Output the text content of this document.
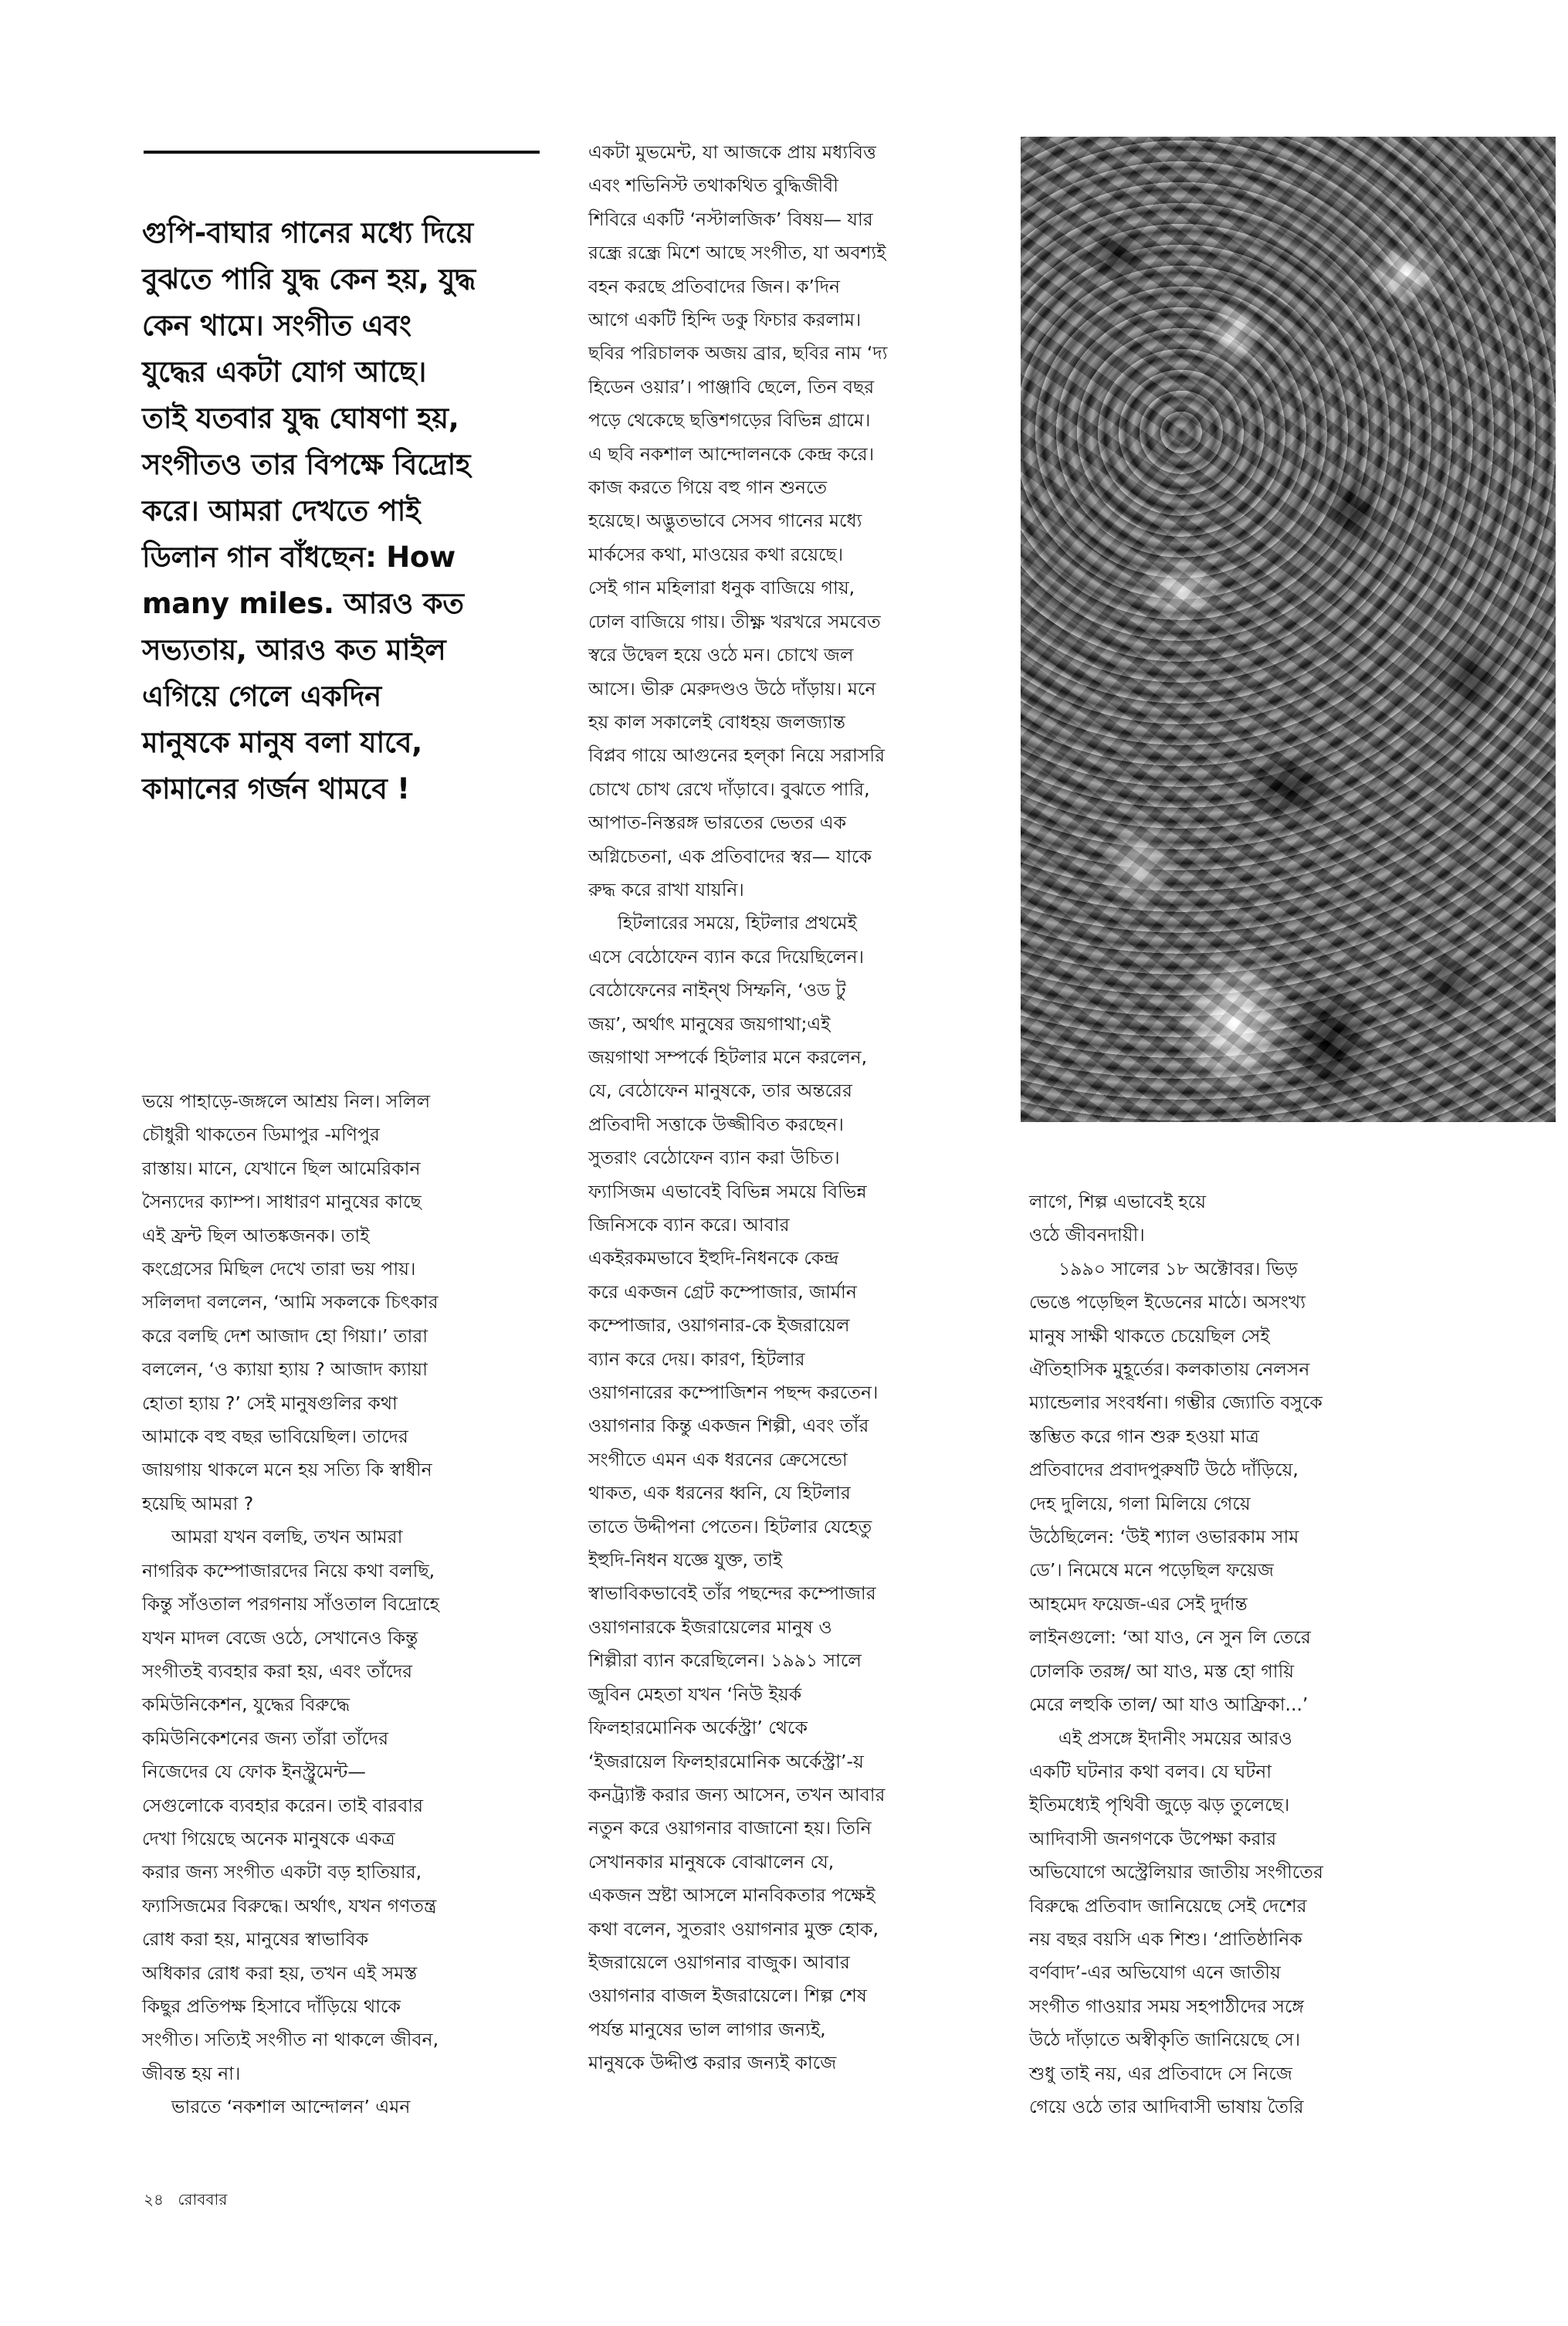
গুপি-বাঘার গানের মধ্যে দিয়ে
বুঝতে পারি যুদ্ধ কেন হয়, যুদ্ধ
কেন থামে। সংগীত এবং
যুদ্ধের একটা যোগ আছে।
তাই যতবার যুদ্ধ ঘোষণা হয়,
সংগীতও তার বিপক্ষে বিদ্রোহ
করে। আমরা দেখতে পাই
ডিলান গান বাঁধছেন: How
many miles. আরও কত
সভ্যতায়, আরও কত মাইল
এগিয়ে গেলে একদিন
মানুষকে মানুষ বলা যাবে,
কামানের গর্জন থামবে !
ভয়ে পাহাড়ে-জঙ্গলে আশ্রয় নিল। সলিল
চৌধুরী থাকতেন ডিমাপুর -মণিপুর
রাস্তায়। মানে, যেখানে ছিল আমেরিকান
সৈন্যদের ক্যাম্প। সাধারণ মানুষের কাছে
এই ফ্রন্ট ছিল আতঙ্কজনক। তাই
কংগ্রেসের মিছিল দেখে তারা ভয় পায়।
সলিলদা বললেন, ‘আমি সকলকে চিৎকার
করে বলছি দেশ আজাদ হো গিয়া।’ তারা
বললেন, ‘ও ক্যায়া হ্যায় ? আজাদ ক্যায়া
হোতা হ্যায় ?’ সেই মানুষগুলির কথা
আমাকে বহু বছর ভাবিয়েছিল। তাদের
জায়গায় থাকলে মনে হয় সত্যি কি স্বাধীন
হয়েছি আমরা ?
আমরা যখন বলছি, তখন আমরা
নাগরিক কম্পোজারদের নিয়ে কথা বলছি,
কিন্তু সাঁওতাল পরগনায় সাঁওতাল বিদ্রোহে
যখন মাদল বেজে ওঠে, সেখানেও কিন্তু
সংগীতই ব্যবহার করা হয়, এবং তাঁদের
কমিউনিকেশন, যুদ্ধের বিরুদ্ধে
কমিউনিকেশনের জন্য তাঁরা তাঁদের
নিজেদের যে ফোক ইনস্ট্রুমেন্ট—
সেগুলোকে ব্যবহার করেন। তাই বারবার
দেখা গিয়েছে অনেক মানুষকে একত্র
করার জন্য সংগীত একটা বড় হাতিয়ার,
ফ্যাসিজমের বিরুদ্ধে। অর্থাৎ, যখন গণতন্ত্র
রোধ করা হয়, মানুষের স্বাভাবিক
অধিকার রোধ করা হয়, তখন এই সমস্ত
কিছুর প্রতিপক্ষ হিসাবে দাঁড়িয়ে থাকে
সংগীত। সত্যিই সংগীত না থাকলে জীবন,
জীবন্ত হয় না।
ভারতে ‘নকশাল আন্দোলন’ এমন
একটা মুভমেন্ট, যা আজকে প্রায় মধ্যবিত্ত
এবং শভিনিস্ট তথাকথিত বুদ্ধিজীবী
শিবিরে একটি ‘নস্টালজিক’ বিষয়— যার
রন্ধ্রে রন্ধ্রে মিশে আছে সংগীত, যা অবশ্যই
বহন করছে প্রতিবাদের জিন। ক’দিন
আগে একটি হিন্দি ডকু ফিচার করলাম।
ছবির পরিচালক অজয় ব্রার, ছবির নাম ‘দ্য
হিডেন ওয়ার’। পাঞ্জাবি ছেলে, তিন বছর
পড়ে থেকেছে ছত্তিশগড়ের বিভিন্ন গ্রামে।
এ ছবি নকশাল আন্দোলনকে কেন্দ্র করে।
কাজ করতে গিয়ে বহু গান শুনতে
হয়েছে। অদ্ভুতভাবে সেসব গানের মধ্যে
মার্কসের কথা, মাওয়ের কথা রয়েছে।
সেই গান মহিলারা ধনুক বাজিয়ে গায়,
ঢোল বাজিয়ে গায়। তীক্ষ্ণ খরখরে সমবেত
স্বরে উদ্বেল হয়ে ওঠে মন। চোখে জল
আসে। ভীরু মেরুদণ্ডও উঠে দাঁড়ায়। মনে
হয় কাল সকালেই বোধহয় জলজ্যান্ত
বিপ্লব গায়ে আগুনের হল্‌কা নিয়ে সরাসরি
চোখে চোখ রেখে দাঁড়াবে। বুঝতে পারি,
আপাত-নিস্তরঙ্গ ভারতের ভেতর এক
অগ্নিচেতনা, এক প্রতিবাদের স্বর— যাকে
রুদ্ধ করে রাখা যায়নি।
হিটলারের সময়ে, হিটলার প্রথমেই
এসে বেঠোফেন ব্যান করে দিয়েছিলেন।
বেঠোফেনের নাইন্‌থ সিম্ফনি, ‘ওড টু
জয়’, অর্থাৎ মানুষের জয়গাথা;এই
জয়গাথা সম্পর্কে হিটলার মনে করলেন,
যে, বেঠোফেন মানুষকে, তার অন্তরের
প্রতিবাদী সত্তাকে উজ্জীবিত করছেন।
সুতরাং বেঠোফেন ব্যান করা উচিত।
ফ্যাসিজম এভাবেই বিভিন্ন সময়ে বিভিন্ন
জিনিসকে ব্যান করে। আবার
একইরকমভাবে ইহুদি-নিধনকে কেন্দ্র
করে একজন গ্রেট কম্পোজার, জার্মান
কম্পোজার, ওয়াগনার-কে ইজরায়েল
ব্যান করে দেয়। কারণ, হিটলার
ওয়াগনারের কম্পোজিশন পছন্দ করতেন।
ওয়াগনার কিন্তু একজন শিল্পী, এবং তাঁর
সংগীতে এমন এক ধরনের ক্রেসেন্ডো
থাকত, এক ধরনের ধ্বনি, যে হিটলার
তাতে উদ্দীপনা পেতেন। হিটলার যেহেতু
ইহুদি-নিধন যজ্ঞে যুক্ত, তাই
স্বাভাবিকভাবেই তাঁর পছন্দের কম্পোজার
ওয়াগনারকে ইজরায়েলের মানুষ ও
শিল্পীরা ব্যান করেছিলেন। ১৯৯১ সালে
জুবিন মেহতা যখন ‘নিউ ইয়র্ক
ফিলহারমোনিক অর্কেস্ট্রা’ থেকে
‘ইজরায়েল ফিলহারমোনিক অর্কেস্ট্রা’-য়
কনট্র্যাক্ট করার জন্য আসেন, তখন আবার
নতুন করে ওয়াগনার বাজানো হয়। তিনি
সেখানকার মানুষকে বোঝালেন যে,
একজন স্রষ্টা আসলে মানবিকতার পক্ষেই
কথা বলেন, সুতরাং ওয়াগনার মুক্ত হোক,
ইজরায়েলে ওয়াগনার বাজুক। আবার
ওয়াগনার বাজল ইজরায়েলে। শিল্প শেষ
পর্যন্ত মানুষের ভাল লাগার জন্যই,
মানুষকে উদ্দীপ্ত করার জন্যই কাজে
লাগে, শিল্প এভাবেই হয়ে
ওঠে জীবনদায়ী।
১৯৯০ সালের ১৮ অক্টোবর। ভিড়
ভেঙে পড়েছিল ইডেনের মাঠে। অসংখ্য
মানুষ সাক্ষী থাকতে চেয়েছিল সেই
ঐতিহাসিক মুহূর্তের। কলকাতায় নেলসন
ম্যান্ডেলার সংবর্ধনা। গম্ভীর জ্যোতি বসুকে
স্তম্ভিত করে গান শুরু হওয়া মাত্র
প্রতিবাদের প্রবাদপুরুষটি উঠে দাঁড়িয়ে,
দেহ দুলিয়ে, গলা মিলিয়ে গেয়ে
উঠেছিলেন: ‘উই শ্যাল ওভারকাম সাম
ডে’। নিমেষে মনে পড়েছিল ফয়েজ
আহমেদ ফয়েজ-এর সেই দুর্দান্ত
লাইনগুলো: ‘আ যাও, নে সুন লি তেরে
ঢোলকি তরঙ্গ/ আ যাও, মস্ত হো গায়ি
মেরে লহুকি তাল/ আ যাও আফ্রিকা...’
এই প্রসঙ্গে ইদানীং সময়ের আরও
একটি ঘটনার কথা বলব। যে ঘটনা
ইতিমধ্যেই পৃথিবী জুড়ে ঝড় তুলেছে।
আদিবাসী জনগণকে উপেক্ষা করার
অভিযোগে অস্ট্রেলিয়ার জাতীয় সংগীতের
বিরুদ্ধে প্রতিবাদ জানিয়েছে সেই দেশের
নয় বছর বয়সি এক শিশু। ‘প্রাতিষ্ঠানিক
বর্ণবাদ’-এর অভিযোগ এনে জাতীয়
সংগীত গাওয়ার সময় সহপাঠীদের সঙ্গে
উঠে দাঁড়াতে অস্বীকৃতি জানিয়েছে সে।
শুধু তাই নয়, এর প্রতিবাদে সে নিজে
গেয়ে ওঠে তার আদিবাসী ভাষায় তৈরি
২৪ রোববার
